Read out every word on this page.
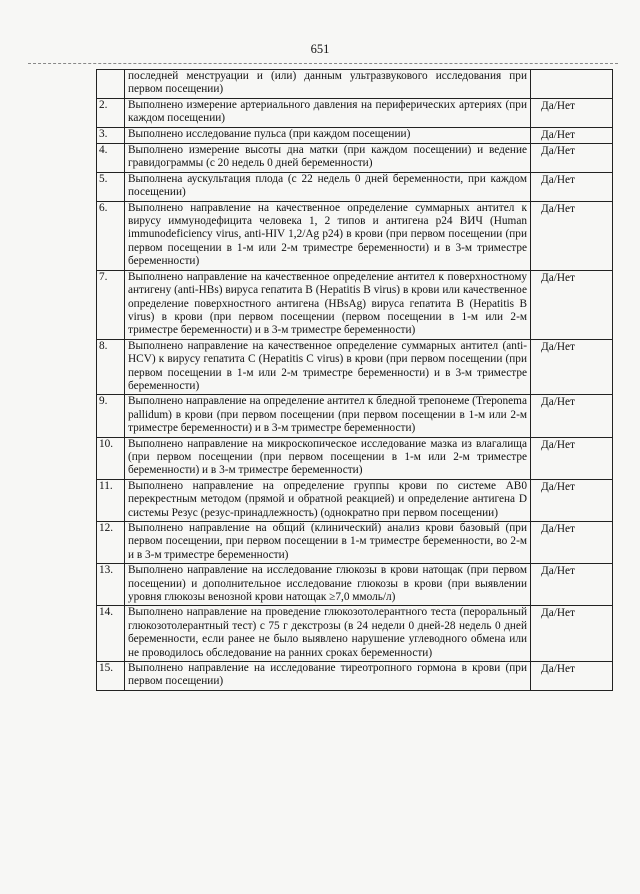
651
	последней менструации и (или) данным ультразвукового исследования при первом посещении)	
2.	Выполнено измерение артериального давления на периферических артериях (при каждом посещении)	Да/Нет
3.	Выполнено исследование пульса (при каждом посещении)	Да/Нет
4.	Выполнено измерение высоты дна матки (при каждом посещении) и ведение гравидограммы (с 20 недель 0 дней беременности)	Да/Нет
5.	Выполнена аускультация плода (с 22 недель 0 дней беременности, при каждом посещении)	Да/Нет
6.	Выполнено направление на качественное определение суммарных антител к вирусу иммунодефицита человека 1, 2 типов и антигена p24 ВИЧ (Human immunodeficiency virus, anti-HIV 1,2/Ag p24) в крови (при первом посещении (при первом посещении в 1-м или 2-м триместре беременности) и в 3-м триместре беременности)	Да/Нет
7.	Выполнено направление на качественное определение антител к поверхностному антигену (anti-HBs) вируса гепатита B (Hepatitis B virus) в крови или качественное определение поверхностного антигена (HBsAg) вируса гепатита B (Hepatitis B virus) в крови (при первом посещении (первом посещении в 1-м или 2-м триместре беременности) и в 3-м триместре беременности)	Да/Нет
8.	Выполнено направление на качественное определение суммарных антител (anti-HCV) к вирусу гепатита C (Hepatitis C virus) в крови (при первом посещении (при первом посещении в 1-м или 2-м триместре беременности) и в 3-м триместре беременности)	Да/Нет
9.	Выполнено направление на определение антител к бледной трепонеме (Treponema pallidum) в крови (при первом посещении (при первом посещении в 1-м или 2-м триместре беременности) и в 3-м триместре беременности)	Да/Нет
10.	Выполнено направление на микроскопическое исследование мазка из влагалища (при первом посещении (при первом посещении в 1-м или 2-м триместре беременности) и в 3-м триместре беременности)	Да/Нет
11.	Выполнено направление на определение группы крови по системе AB0 перекрестным методом (прямой и обратной реакцией) и определение антигена D системы Резус (резус-принадлежность) (однократно при первом посещении)	Да/Нет
12.	Выполнено направление на общий (клинический) анализ крови базовый (при первом посещении, при первом посещении в 1-м триместре беременности, во 2-м и в 3-м триместре беременности)	Да/Нет
13.	Выполнено направление на исследование глюкозы в крови натощак (при первом посещении) и дополнительное исследование глюкозы в крови (при выявлении уровня глюкозы венозной крови натощак ≥7,0 ммоль/л)	Да/Нет
14.	Выполнено направление на проведение глюкозотолерантного теста (пероральный глюкозотолерантный тест) с 75 г декстрозы (в 24 недели 0 дней-28 недель 0 дней беременности, если ранее не было выявлено нарушение углеводного обмена или не проводилось обследование на ранних сроках беременности)	Да/Нет
15.	Выполнено направление на исследование тиреотропного гормона в крови (при первом посещении)	Да/Нет
